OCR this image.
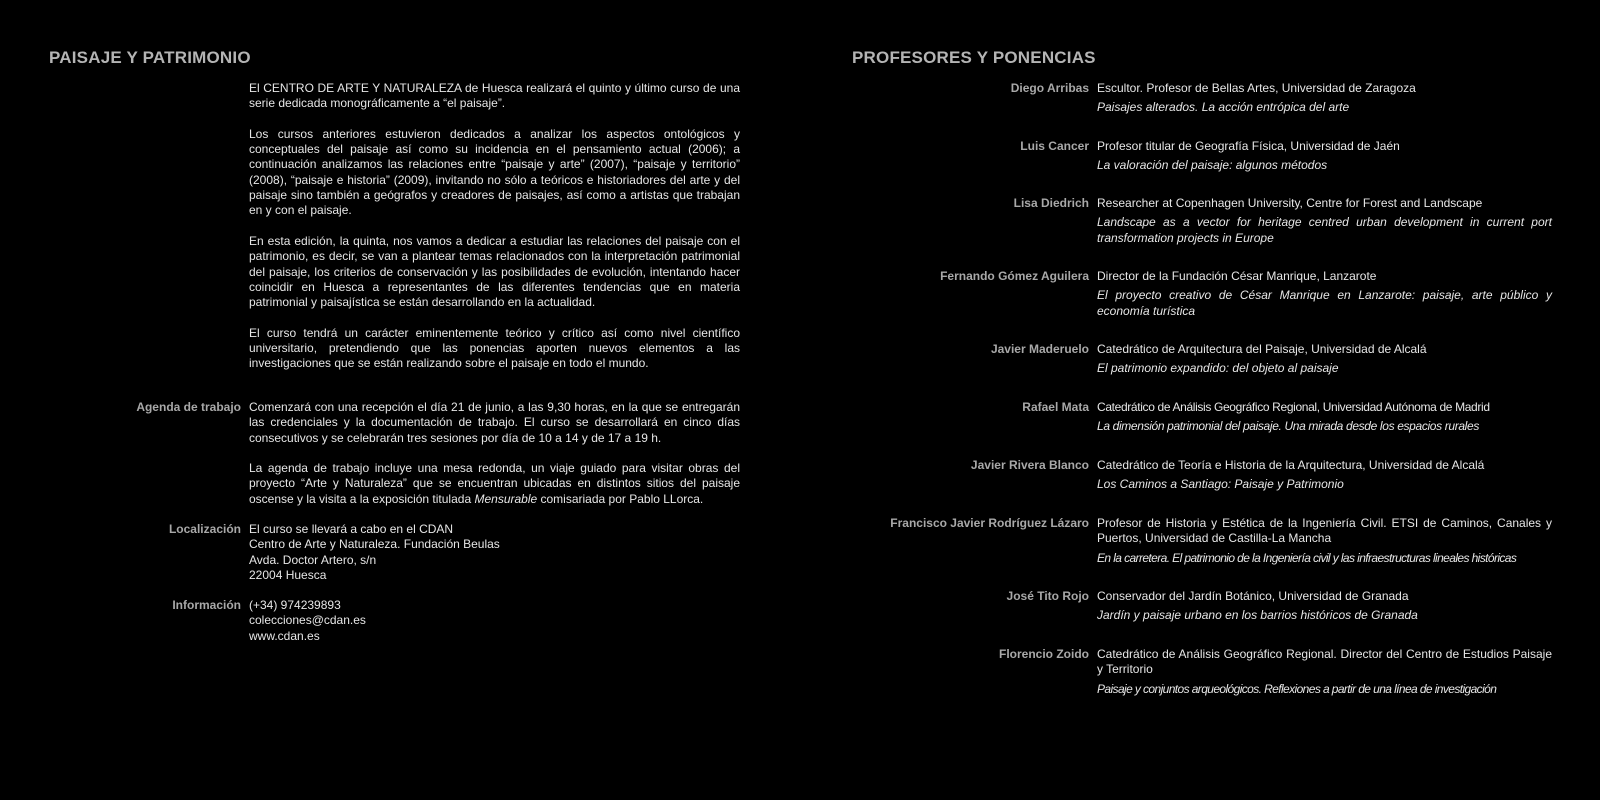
PAISAJE Y PATRIMONIO

El CENTRO DE ARTE Y NATURALEZA de Huesca realizará el quinto y último curso de una serie dedicada monográficamente a “el paisaje”.

Los cursos anteriores estuvieron dedicados a analizar los aspectos ontológicos y conceptuales del paisaje así como su incidencia en el pensamiento actual (2006); a continuación analizamos las relaciones entre “paisaje y arte” (2007), “paisaje y territorio” (2008), “paisaje e historia” (2009), invitando no sólo a teóricos e historiadores del arte y del paisaje sino también a geógrafos y creadores de paisajes, así como a artistas que trabajan en y con el paisaje.

En esta edición, la quinta, nos vamos a dedicar a estudiar las relaciones del paisaje con el patrimonio, es decir, se van a plantear temas relacionados con la interpretación patrimonial del paisaje, los criterios de conservación y las posibilidades de evolución, intentando hacer coincidir en Huesca a representantes de las diferentes tendencias que en materia patrimonial y paisajística se están desarrollando en la actualidad.

El curso tendrá un carácter eminentemente teórico y crítico así como nivel científico universitario, pretendiendo que las ponencias aporten nuevos elementos a las investigaciones que se están realizando sobre el paisaje en todo el mundo.

Agenda de trabajo Comenzará con una recepción el día 21 de junio, a las 9,30 horas, en la que se entregarán las credenciales y la documentación de trabajo. El curso se desarrollará en cinco días consecutivos y se celebrarán tres sesiones por día de 10 a 14 y de 17 a 19 h.

La agenda de trabajo incluye una mesa redonda, un viaje guiado para visitar obras del proyecto “Arte y Naturaleza” que se encuentran ubicadas en distintos sitios del paisaje oscense y la visita a la exposición titulada Mensurable comisariada por Pablo LLorca.

Localización El curso se llevará a cabo en el CDAN
Centro de Arte y Naturaleza. Fundación Beulas
Avda. Doctor Artero, s/n
22004 Huesca
Información (+34) 974239893
colecciones@cdan.es
www.cdan.es
PROFESORES Y PONENCIAS
Diego Arribas Escultor. Profesor de Bellas Artes, Universidad de Zaragoza

Paisajes alterados. La acción entrópica del arte

Luis Cancer Profesor titular de Geografía Física, Universidad de Jaén

La valoración del paisaje: algunos métodos

Lisa Diedrich Researcher at Copenhagen University, Centre for Forest and Landscape

Landscape as a vector for heritage centred urban development in current port transformation projects in Europe

Fernando Gómez Aguilera Director de la Fundación César Manrique, Lanzarote

El proyecto creativo de César Manrique en Lanzarote: paisaje, arte público y economía turística

Javier Maderuelo Catedrático de Arquitectura del Paisaje, Universidad de Alcalá

El patrimonio expandido: del objeto al paisaje

Rafael Mata Catedrático de Análisis Geográfico Regional, Universidad Autónoma de Madrid

La dimensión patrimonial del paisaje. Una mirada desde los espacios rurales

Javier Rivera Blanco Catedrático de Teoría e Historia de la Arquitectura, Universidad de Alcalá

Los Caminos a Santiago: Paisaje y Patrimonio

Francisco Javier Rodríguez Lázaro Profesor de Historia y Estética de la Ingeniería Civil. ETSI de Caminos, Canales y Puertos, Universidad de Castilla-La Mancha

En la carretera. El patrimonio de la Ingeniería civil y las infraestructuras lineales históricas

José Tito Rojo Conservador del Jardín Botánico, Universidad de Granada

Jardín y paisaje urbano en los barrios históricos de Granada

Florencio Zoido Catedrático de Análisis Geográfico Regional. Director del Centro de Estudios Paisaje y Territorio

Paisaje y conjuntos arqueológicos. Reflexiones a partir de una línea de investigación
